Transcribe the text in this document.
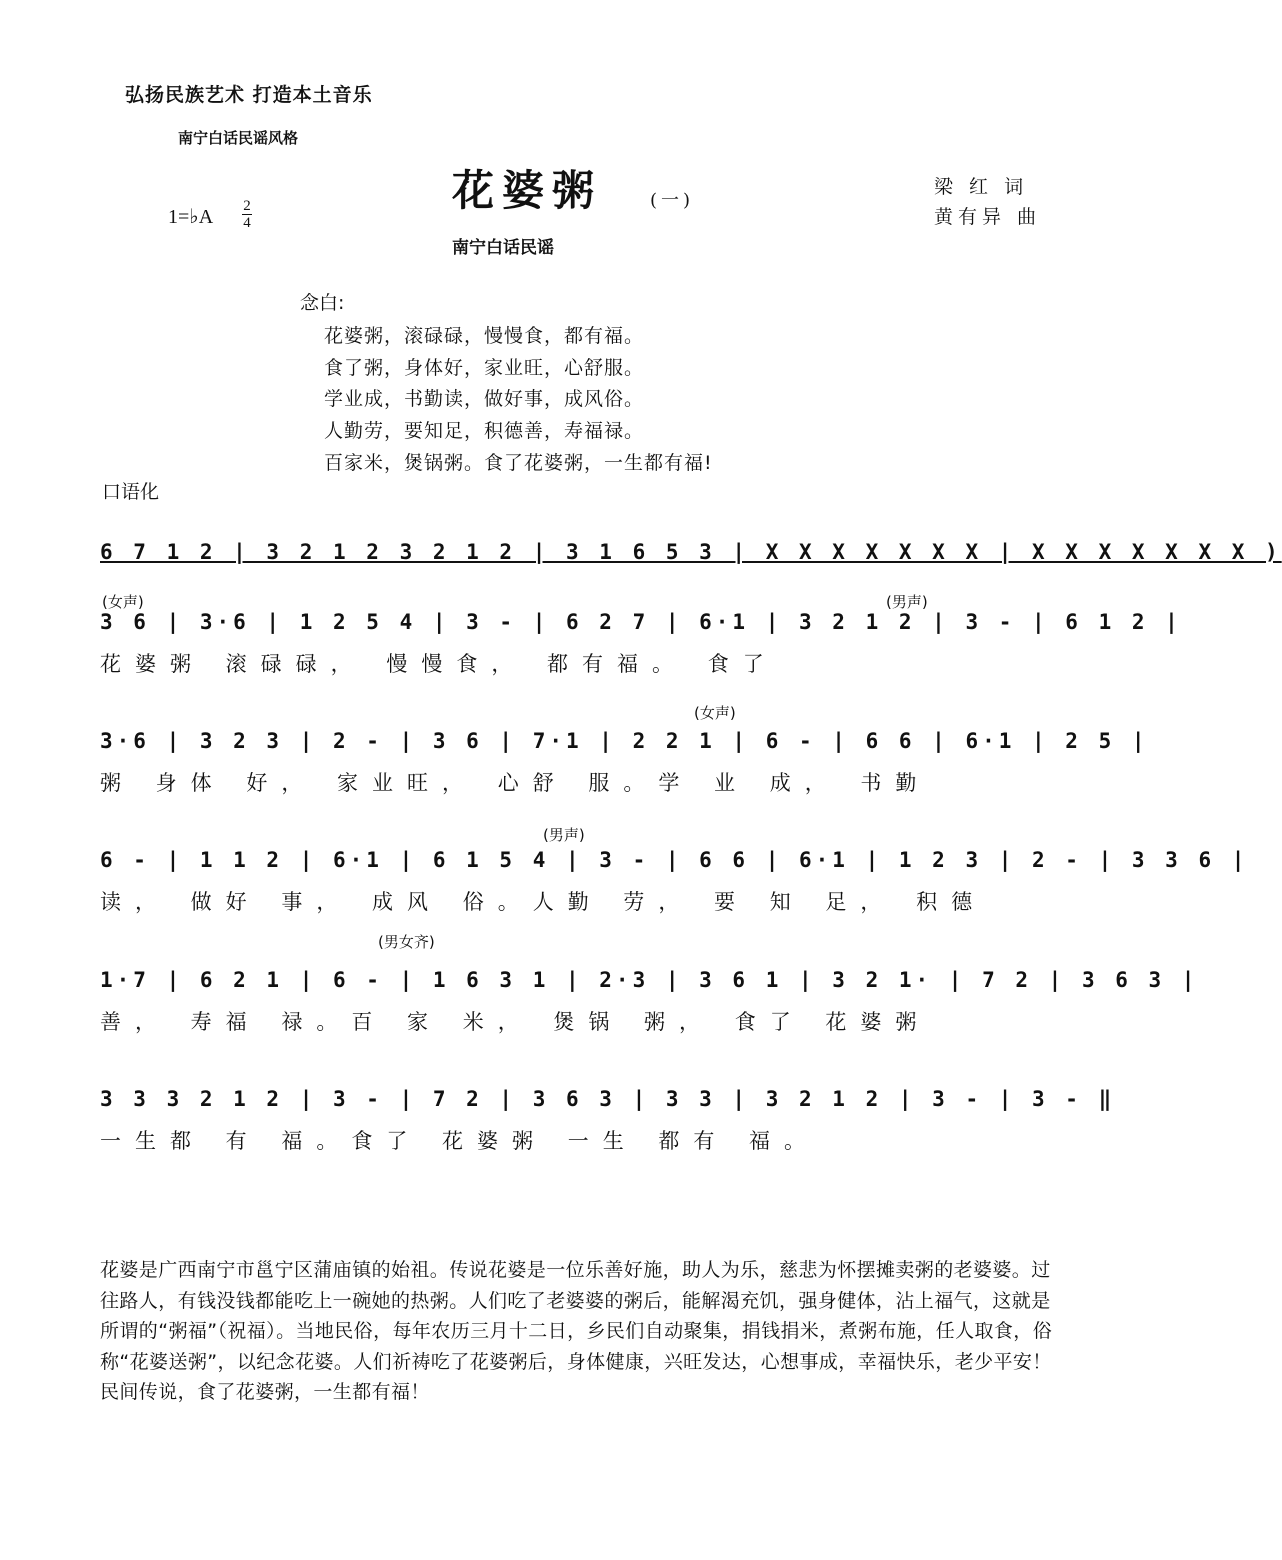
弘扬民族艺术 打造本土音乐
南宁白话民谣风格
花婆粥	(一)
梁 红 词
黄有异 曲
1=♭A 2
4
南宁白话民谣
念白:
花婆粥，滚碌碌，慢慢食，都有福。
食了粥，身体好，家业旺，心舒服。
学业成，书勤读，做好事，成风俗。
人勤劳，要知足，积德善，寿福禄。
百家米，煲锅粥。食了花婆粥，一生都有福!
口语化
6 7 1 2 | 3 2 1 2 3 2 1 2 | 3 1 6 5 3 | X X X X X X X | X X X X X X X )
(女声)	(男声)
3 6 | 3·6 | 1 2 5 4 | 3 - | 6 2 7 | 6·1 | 3 2 1 2 | 3 - | 6 1 2 |
花婆粥 滚碌碌， 慢慢食， 都有福。 食了
(女声)
3·6 | 3 2 3 | 2 - | 3 6 | 7·1 | 2 2 1 | 6 - | 6 6 | 6·1 | 2 5 |
粥 身体 好， 家业旺， 心舒 服。学 业 成， 书勤
(男声)
6 - | 1 1 2 | 6·1 | 6 1 5 4 | 3 - | 6 6 | 6·1 | 1 2 3 | 2 - | 3 3 6 |
读， 做好 事， 成风 俗。人勤 劳， 要 知 足， 积德
(男女齐)
1·7 | 6 2 1 | 6 - | 1 6 3 1 | 2·3 | 3 6 1 | 3 2 1· | 7 2 | 3 6 3 |
善， 寿福 禄。百 家 米， 煲锅 粥， 食了 花婆粥
3 3 3 2 1 2 | 3 - | 7 2 | 3 6 3 | 3 3 | 3 2 1 2 | 3 - | 3 - ‖
一生都 有 福。食了 花婆粥 一生 都有 福。
花婆是广西南宁市邕宁区蒲庙镇的始祖。传说花婆是一位乐善好施，助人为乐，慈悲为怀摆摊卖粥的老婆婆。过往路人，有钱没钱都能吃上一碗她的热粥。人们吃了老婆婆的粥后，能解渴充饥，强身健体，沾上福气，这就是所谓的“粥福”（祝福）。当地民俗，每年农历三月十二日，乡民们自动聚集，捐钱捐米，煮粥布施，任人取食，俗称“花婆送粥”，以纪念花婆。人们祈祷吃了花婆粥后，身体健康，兴旺发达，心想事成，幸福快乐，老少平安！民间传说，食了花婆粥，一生都有福！
